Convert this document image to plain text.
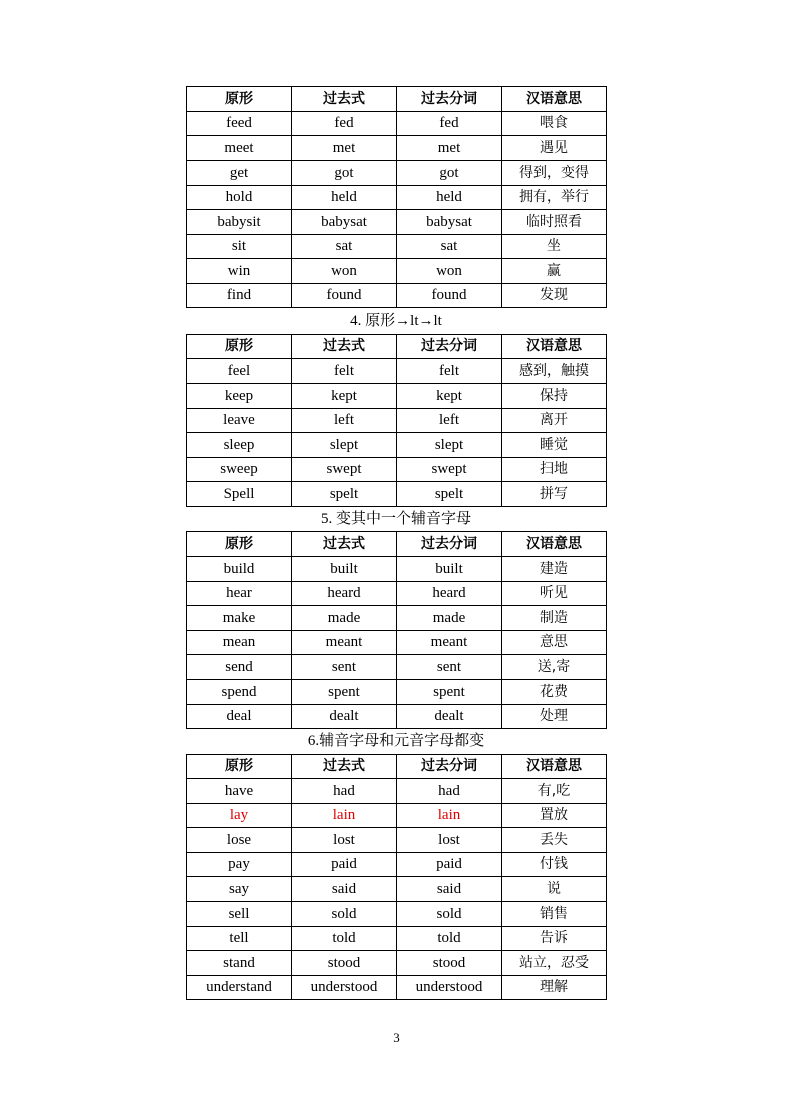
原形	过去式	过去分词	汉语意思
feed	fed	fed	喂食
meet	met	met	遇见
get	got	got	得到，变得
hold	held	held	拥有，举行
babysit	babysat	babysat	临时照看
sit	sat	sat	坐
win	won	won	赢
find	found	found	发现
4. 原形→lt→lt
原形	过去式	过去分词	汉语意思
feel	felt	felt	感到，触摸
keep	kept	kept	保持
leave	left	left	离开
sleep	slept	slept	睡觉
sweep	swept	swept	扫地
Spell	spelt	spelt	拼写
5. 变其中一个辅音字母
原形	过去式	过去分词	汉语意思
build	built	built	建造
hear	heard	heard	听见
make	made	made	制造
mean	meant	meant	意思
send	sent	sent	送,寄
spend	spent	spent	花费
deal	dealt	dealt	处理
6.辅音字母和元音字母都变
原形	过去式	过去分词	汉语意思
have	had	had	有,吃
lay	lain	lain	置放
lose	lost	lost	丢失
pay	paid	paid	付钱
say	said	said	说
sell	sold	sold	销售
tell	told	told	告诉
stand	stood	stood	站立，忍受
understand	understood	understood	理解
3
